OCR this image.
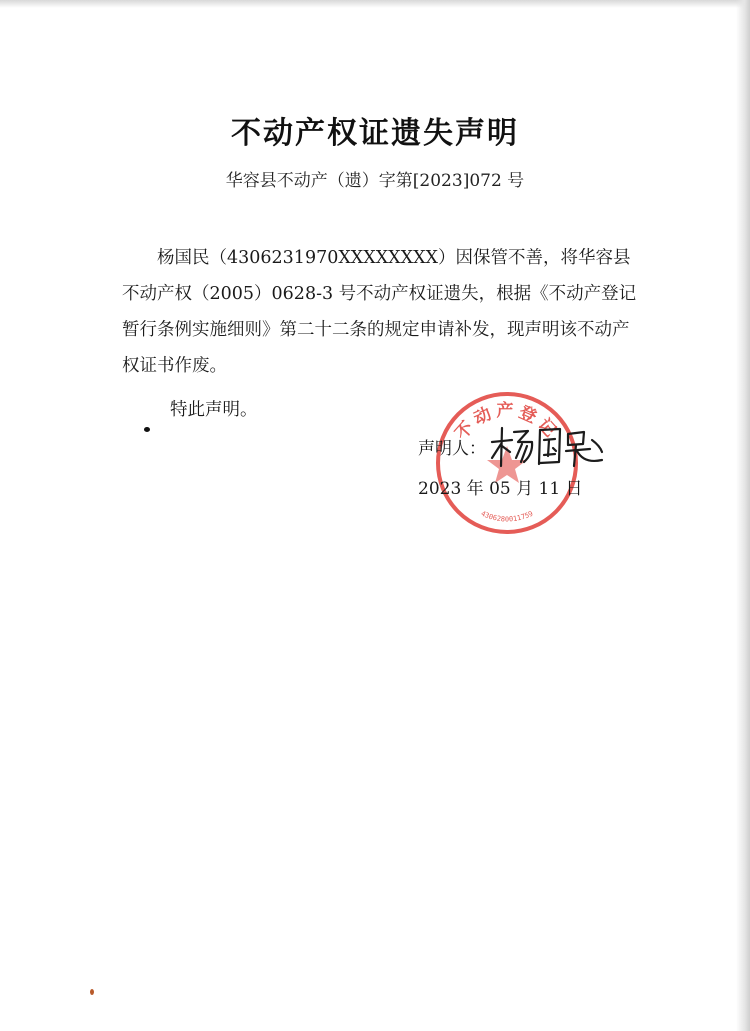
不动产权证遗失声明
华容县不动产（遗）字第[2023]072 号

杨国民（4306231970XXXXXXXX）因保管不善，将华容县不动产权（2005）0628-3 号不动产权证遗失，根据《不动产登记暂行条例实施细则》第二十二条的规定申请补发，现声明该不动产权证书作废。

特此声明。
不动产登记
4306280011759
声明人：
2023 年 05 月 11 日
